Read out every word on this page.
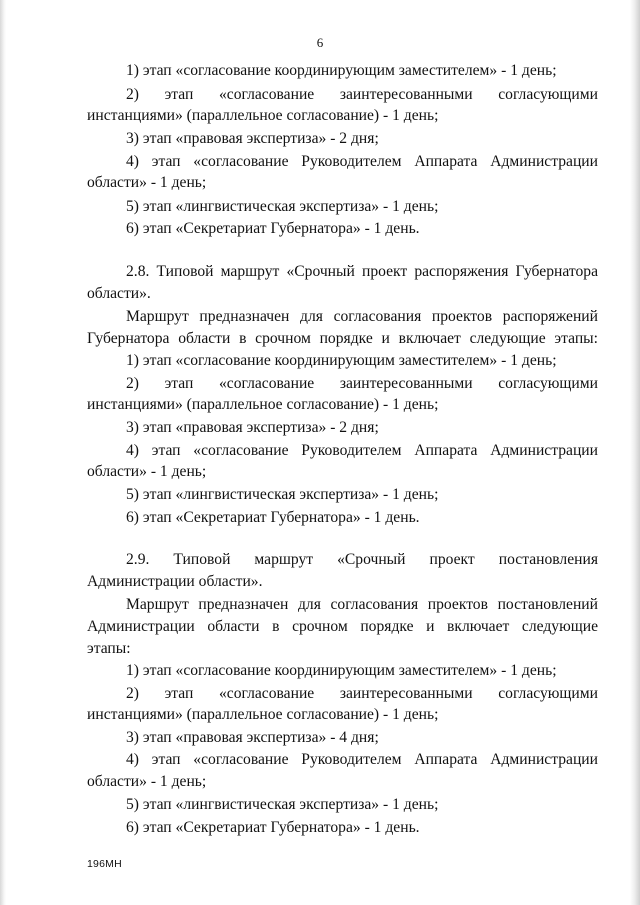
6
1) этап «согласование координирующим заместителем» - 1 день;
2) этап «согласование заинтересованными согласующими
инстанциями» (параллельное согласование) - 1 день;
3) этап «правовая экспертиза» - 2 дня;
4) этап «согласование Руководителем Аппарата Администрации
области» - 1 день;
5) этап «лингвистическая экспертиза» - 1 день;
6) этап «Секретариат Губернатора» - 1 день.
2.8. Типовой маршрут «Срочный проект распоряжения Губернатора
области».
Маршрут предназначен для согласования проектов распоряжений
Губернатора области в срочном порядке и включает следующие этапы:
1) этап «согласование координирующим заместителем» - 1 день;
2) этап «согласование заинтересованными согласующими
инстанциями» (параллельное согласование) - 1 день;
3) этап «правовая экспертиза» - 2 дня;
4) этап «согласование Руководителем Аппарата Администрации
области» - 1 день;
5) этап «лингвистическая экспертиза» - 1 день;
6) этап «Секретариат Губернатора» - 1 день.
2.9. Типовой маршрут «Срочный проект постановления
Администрации области».
Маршрут предназначен для согласования проектов постановлений
Администрации области в срочном порядке и включает следующие
этапы:
1) этап «согласование координирующим заместителем» - 1 день;
2) этап «согласование заинтересованными согласующими
инстанциями» (параллельное согласование) - 1 день;
3) этап «правовая экспертиза» - 4 дня;
4) этап «согласование Руководителем Аппарата Администрации
области» - 1 день;
5) этап «лингвистическая экспертиза» - 1 день;
6) этап «Секретариат Губернатора» - 1 день.
196МН
